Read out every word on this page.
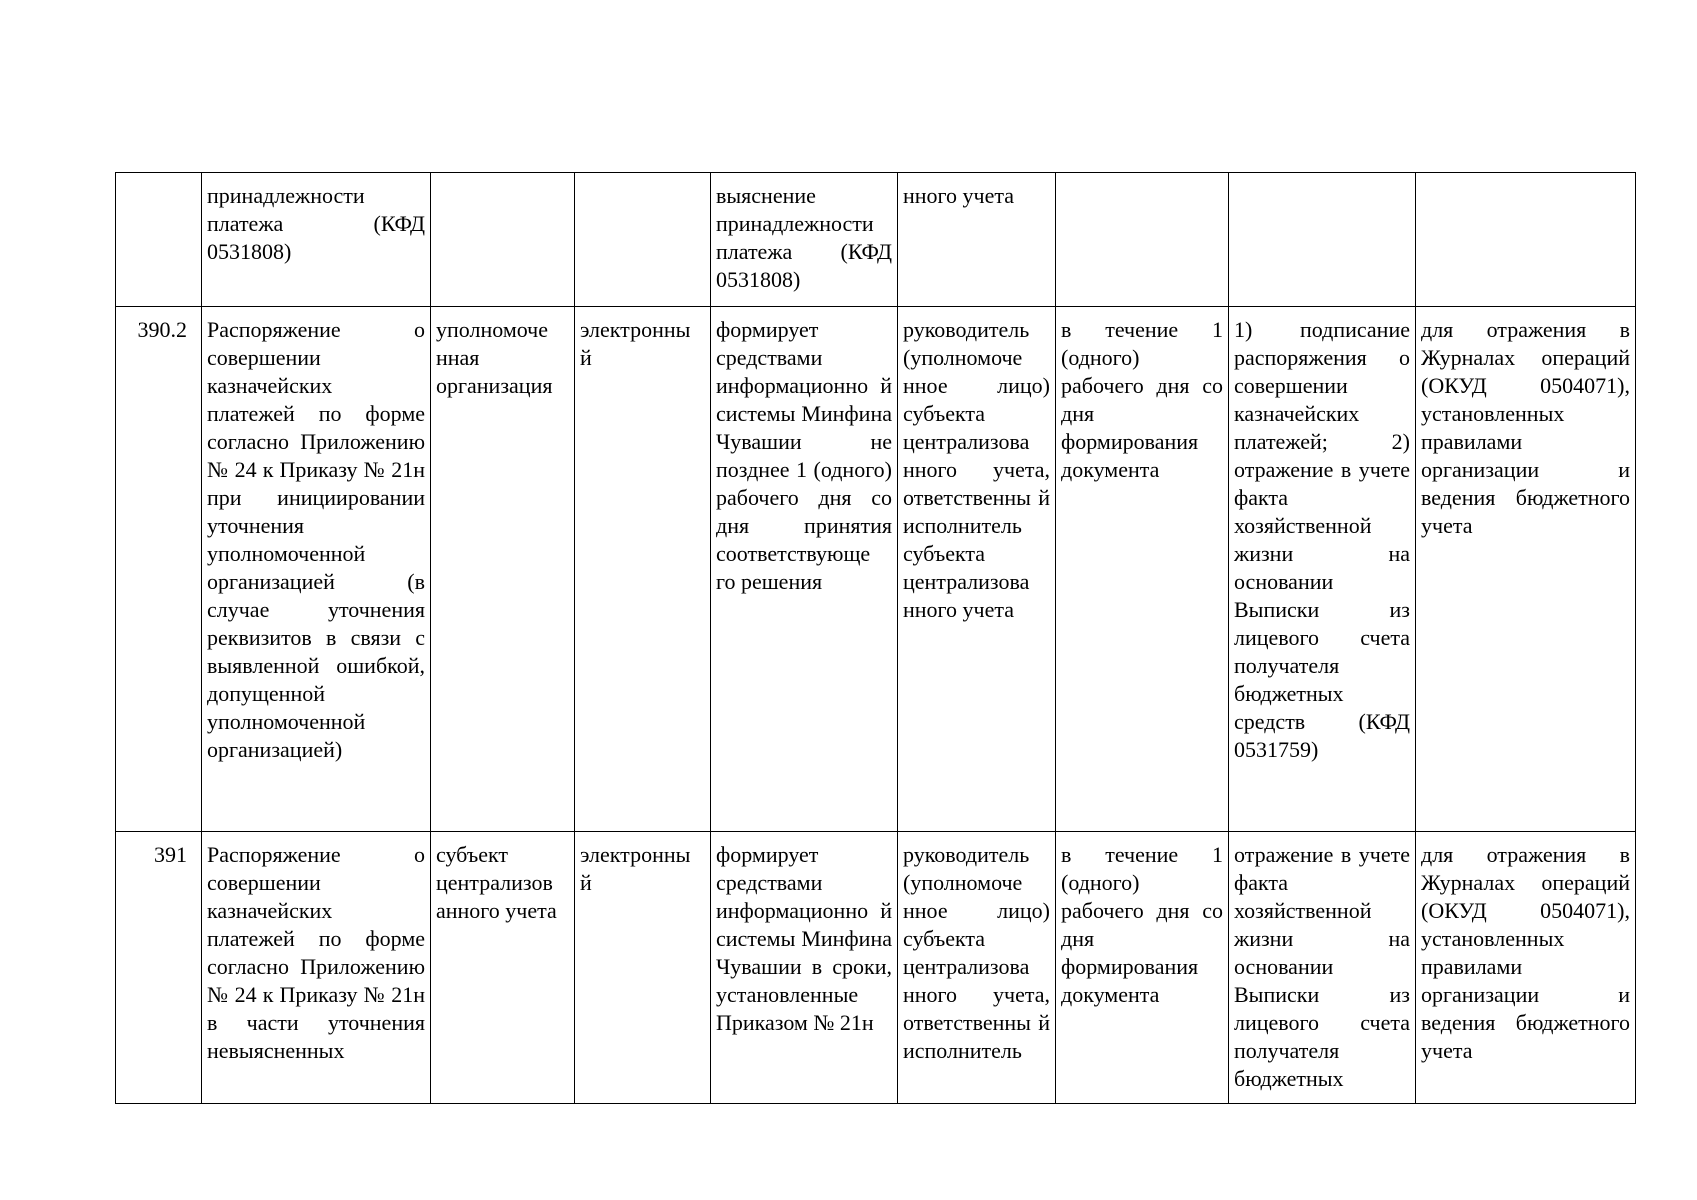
	принадлежности платежа (КФД 0531808)			выяснение принадлежности платежа (КФД 0531808)	нного учета			
390.2	Распоряжение о совершении казначейских платежей по форме согласно Приложению № 24 к Приказу № 21н при инициировании уточнения уполномоченной организацией (в случае уточнения реквизитов в связи с выявленной ошибкой, допущенной уполномоченной организацией)	уполномоче нная организация	электронны й	формирует средствами информационно й системы Минфина Чувашии не позднее 1 (одного) рабочего дня со дня принятия соответствующе го решения	руководитель (уполномоче нное лицо) субъекта централизова нного учета, ответственны й исполнитель субъекта централизова нного учета	в течение 1 (одного) рабочего дня со дня формирования документа	1) подписание распоряжения о совершении казначейских платежей; 2) отражение в учете факта хозяйственной жизни на основании Выписки из лицевого счета получателя бюджетных средств (КФД 0531759)	для отражения в Журналах операций (ОКУД 0504071), установленных правилами организации и ведения бюджетного учета
391	Распоряжение о совершении казначейских платежей по форме согласно Приложению № 24 к Приказу № 21н в части уточнения невыясненных	субъект централизов анного учета	электронны й	формирует средствами информационно й системы Минфина Чувашии в сроки, установленные Приказом № 21н	руководитель (уполномоче нное лицо) субъекта централизова нного учета, ответственны й исполнитель	в течение 1 (одного) рабочего дня со дня формирования документа	отражение в учете факта хозяйственной жизни на основании Выписки из лицевого счета получателя бюджетных	для отражения в Журналах операций (ОКУД 0504071), установленных правилами организации и ведения бюджетного учета
